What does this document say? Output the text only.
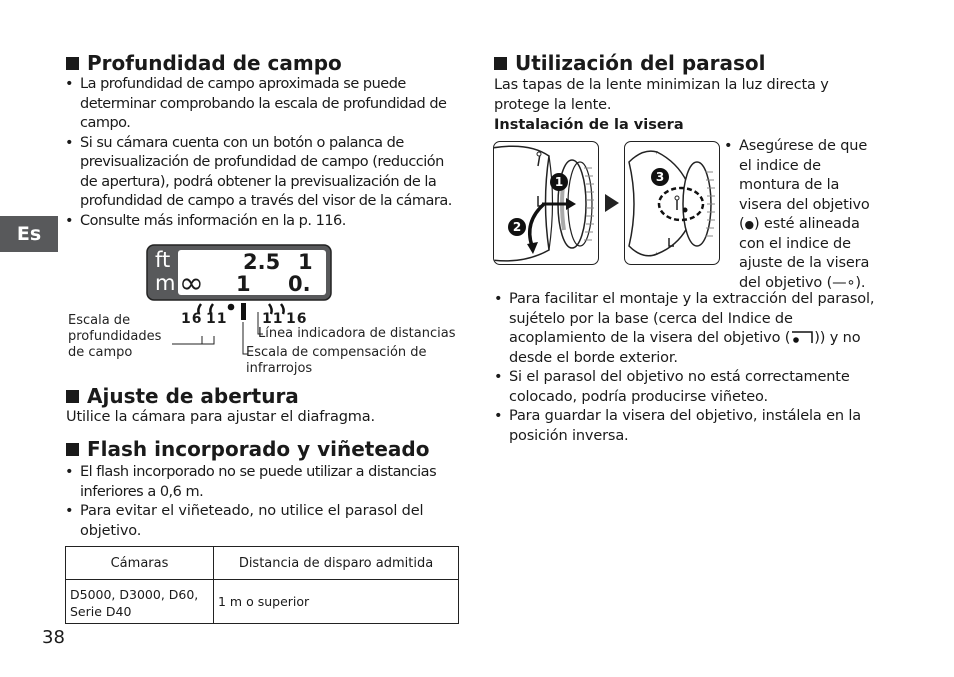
Es
Profundidad de campo
• La profundidad de campo aproximada se puede determinar comprobando la escala de profundidad de campo.
• Si su cámara cuenta con un botón o palanca de previsualización de profundidad de campo (reducción de apertura), podrá obtener la previsualización de la profundidad de campo a través del visor de la cámara.
• Consulte más información en la p. 116.
ft
m
2.5 1
∞ 1 0.
16 11 11 16
Escala de profundidades de campo
Línea indicadora de distancias
Escala de compensación de infrarrojos
Ajuste de abertura
Utilice la cámara para ajustar el diafragma.
Flash incorporado y viñeteado
• El flash incorporado no se puede utilizar a distancias inferiores a 0,6 m.
• Para evitar el viñeteado, no utilice el parasol del objetivo.
Cámaras	Distancia de disparo admitida
D5000, D3000, D60, Serie D40	1 m o superior
38
Utilización del parasol
Las tapas de la lente minimizan la luz directa y protege la lente.
Instalación de la visera
1
2
3
• Asegúrese de que el indice de montura de la visera del objetivo (●) esté alineada con el indice de ajuste de la visera del objetivo (—∘).
• Para facilitar el montaje y la extracción del parasol, sujételo por la base (cerca del Indice de acoplamiento de la visera del objetivo ( )) y no desde el borde exterior.
• Si el parasol del objetivo no está correctamente colocado, podría producirse viñeteo.
• Para guardar la visera del objetivo, instálela en la posición inversa.
